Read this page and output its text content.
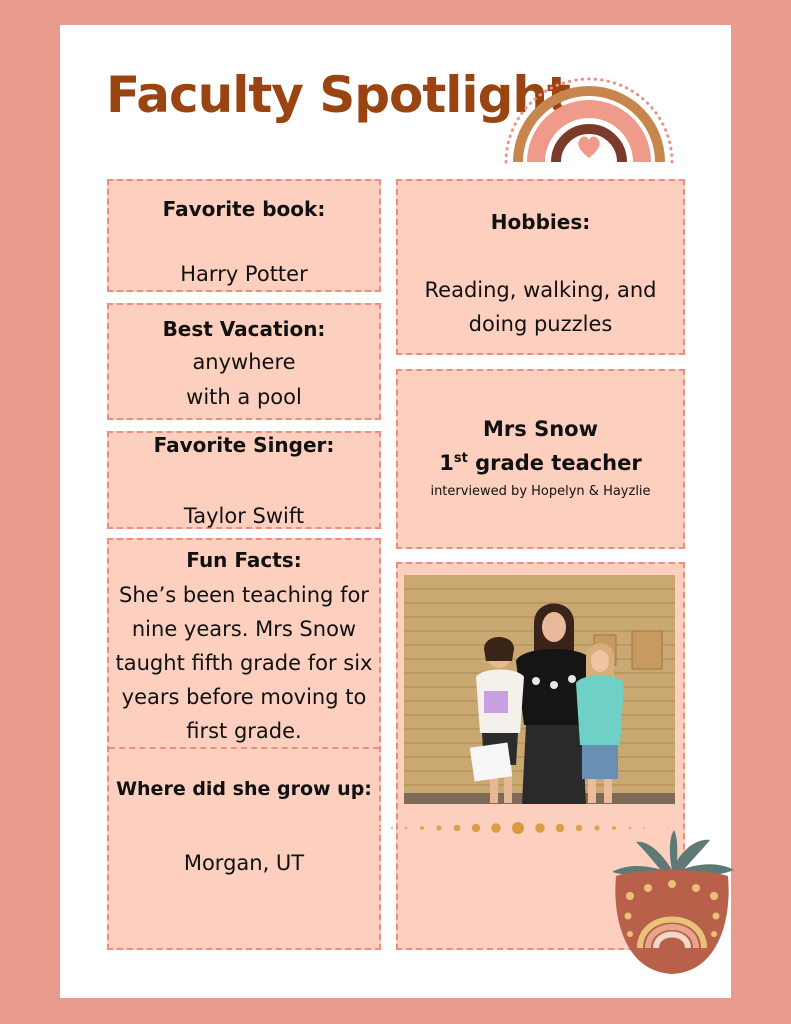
Faculty Spotlight

Favorite book:

Harry Potter

Best Vacation:

anywhere

with a pool

Favorite Singer:

Taylor Swift

Fun Facts:

She’s been teaching for

nine years. Mrs Snow

taught fifth grade for six

years before moving to

first grade.

Where did she grow up:

Morgan, UT

Hobbies:

Reading, walking, and

doing puzzles

Mrs Snow

1st grade teacher

interviewed by Hopelyn & Hayzlie
